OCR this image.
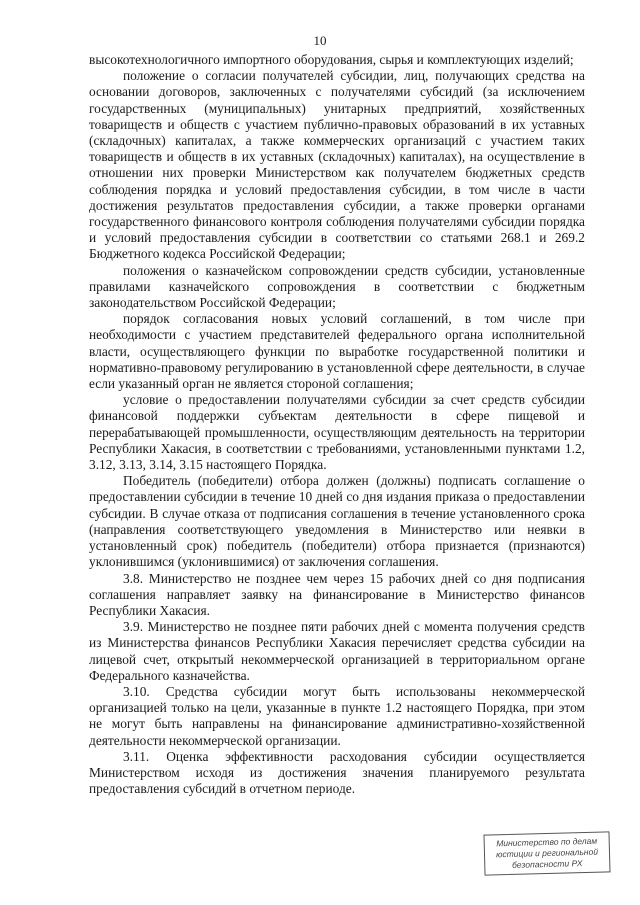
10

высокотехнологичного импортного оборудования, сырья и комплектующих изделий;

положение о согласии получателей субсидии, лиц, получающих средства на основании договоров, заключенных с получателями субсидий (за исключением государственных (муниципальных) унитарных предприятий, хозяйственных товариществ и обществ с участием публично-правовых образований в их уставных (складочных) капиталах, а также коммерческих организаций с участием таких товариществ и обществ в их уставных (складочных) капиталах), на осуществление в отношении них проверки Министерством как получателем бюджетных средств соблюдения порядка и условий предоставления субсидии, в том числе в части достижения результатов предоставления субсидии, а также проверки органами государственного финансового контроля соблюдения получателями субсидии порядка и условий предоставления субсидии в соответствии со статьями 268.1 и 269.2 Бюджетного кодекса Российской Федерации;

положения о казначейском сопровождении средств субсидии, установленные правилами казначейского сопровождения в соответствии с бюджетным законодательством Российской Федерации;

порядок согласования новых условий соглашений, в том числе при необходимости с участием представителей федерального органа исполнительной власти, осуществляющего функции по выработке государственной политики и нормативно-правовому регулированию в установленной сфере деятельности, в случае если указанный орган не является стороной соглашения;

условие о предоставлении получателями субсидии за счет средств субсидии финансовой поддержки субъектам деятельности в сфере пищевой и перерабатывающей промышленности, осуществляющим деятельность на территории Республики Хакасия, в соответствии с требованиями, установленными пунктами 1.2, 3.12, 3.13, 3.14, 3.15 настоящего Порядка.

Победитель (победители) отбора должен (должны) подписать соглашение о предоставлении субсидии в течение 10 дней со дня издания приказа о предоставлении субсидии. В случае отказа от подписания соглашения в течение установленного срока (направления соответствующего уведомления в Министерство или неявки в установленный срок) победитель (победители) отбора признается (признаются) уклонившимся (уклонившимися) от заключения соглашения.

3.8. Министерство не позднее чем через 15 рабочих дней со дня подписания соглашения направляет заявку на финансирование в Министерство финансов Республики Хакасия.

3.9. Министерство не позднее пяти рабочих дней с момента получения средств из Министерства финансов Республики Хакасия перечисляет средства субсидии на лицевой счет, открытый некоммерческой организацией в территориальном органе Федерального казначейства.

3.10. Средства субсидии могут быть использованы некоммерческой организацией только на цели, указанные в пункте 1.2 настоящего Порядка, при этом не могут быть направлены на финансирование административно-хозяйственной деятельности некоммерческой организации.

3.11. Оценка эффективности расходования субсидии осуществляется Министерством исходя из достижения значения планируемого результата предоставления субсидий в отчетном периоде.

Министерство по делам
юстиции и региональной
безопасности РХ
